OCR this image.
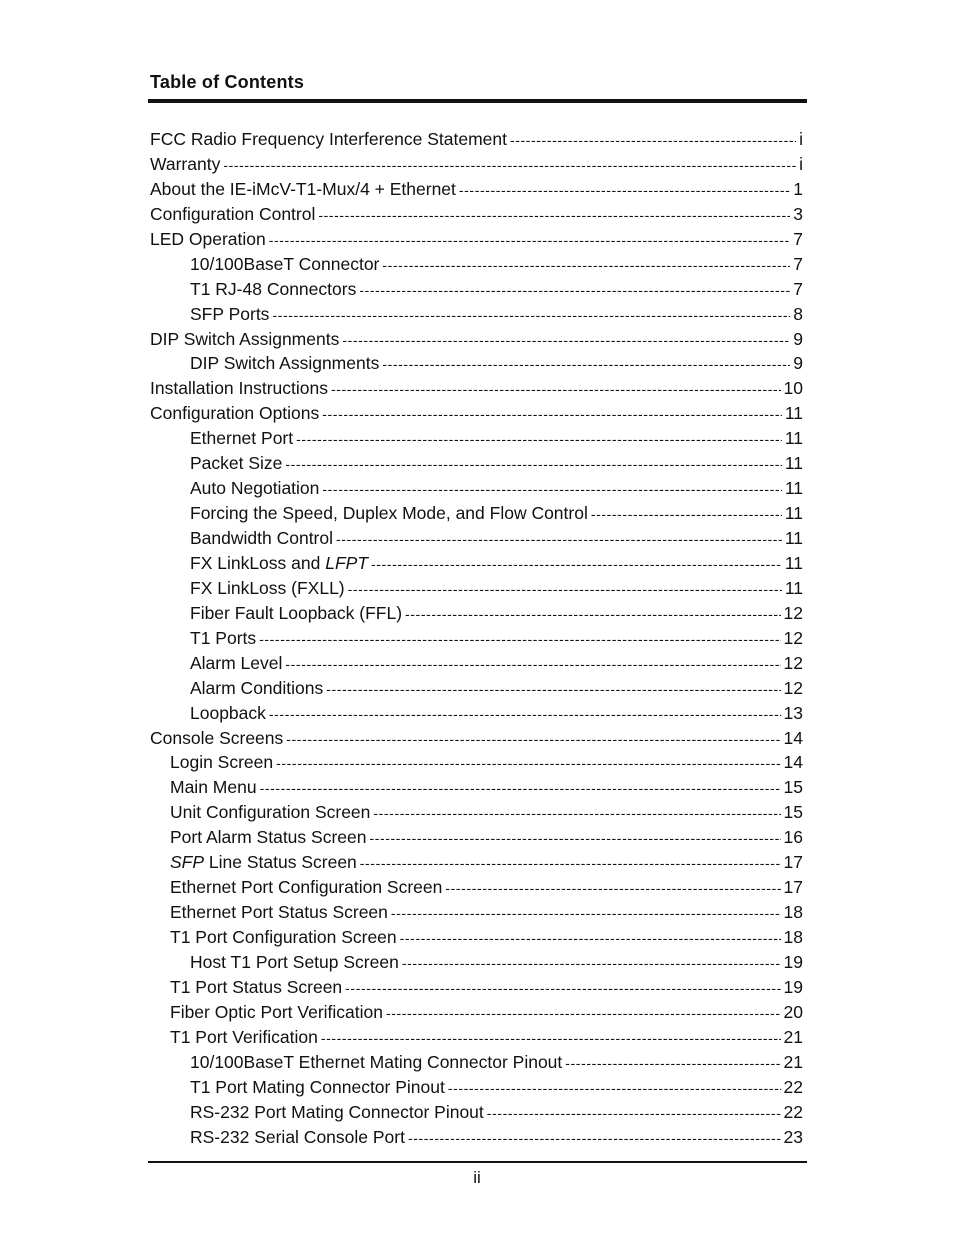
Table of Contents
FCC Radio Frequency Interference Statement -----	i
Warranty -----	i
About the IE-iMcV-T1-Mux/4 + Ethernet -----	1
Configuration Control -----	3
LED Operation -----	7
10/100BaseT Connector -----	7
T1 RJ-48 Connectors -----	7
SFP Ports -----	8
DIP Switch Assignments -----	9
DIP Switch Assignments -----	9
Installation Instructions -----	10
Configuration Options -----	11
Ethernet Port -----	11
Packet Size -----	11
Auto Negotiation -----	11
Forcing the Speed, Duplex Mode, and Flow Control -----	11
Bandwidth Control -----	11
FX LinkLoss and LFPT -----	11
FX LinkLoss (FXLL) -----	11
Fiber Fault Loopback (FFL) -----	12
T1 Ports -----	12
Alarm Level -----	12
Alarm Conditions -----	12
Loopback -----	13
Console Screens -----	14
Login Screen -----	14
Main Menu -----	15
Unit Configuration Screen -----	15
Port Alarm Status Screen -----	16
SFP Line Status Screen -----	17
Ethernet Port Configuration Screen -----	17
Ethernet Port Status Screen -----	18
T1 Port Configuration Screen -----	18
Host T1 Port Setup Screen -----	19
T1 Port Status Screen -----	19
Fiber Optic Port Verification -----	20
T1 Port Verification -----	21
10/100BaseT Ethernet Mating Connector Pinout -----	21
T1 Port Mating Connector Pinout -----	22
RS-232 Port Mating Connector Pinout -----	22
RS-232 Serial Console Port -----	23
ii
